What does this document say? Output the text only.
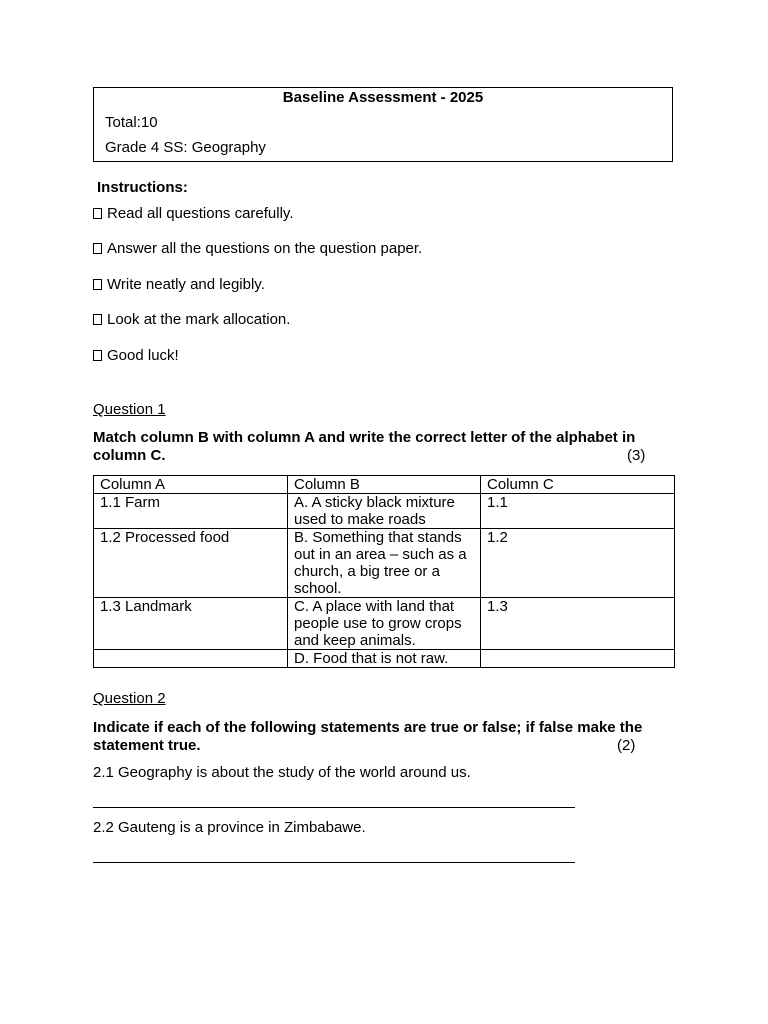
Baseline Assessment - 2025
Total:10
Grade 4 SS: Geography
Instructions:
Read all questions carefully.
Answer all the questions on the question paper.
Write neatly and legibly.
Look at the mark allocation.
Good luck!
Question 1
Match column B with column A and write the correct letter of the alphabet in column C.	(3)
Column A	Column B	Column C
1.1 Farm	A. A sticky black mixture used to make roads	1.1
1.2 Processed food	B. Something that stands out in an area – such as a church, a big tree or a school.	1.2
1.3 Landmark	C. A place with land that people use to grow crops and keep animals.	1.3
	D. Food that is not raw.	
Question 2
Indicate if each of the following statements are true or false; if false make the statement true.	(2)
2.1 Geography is about the study of the world around us.
2.2 Gauteng is a province in Zimbabawe.
